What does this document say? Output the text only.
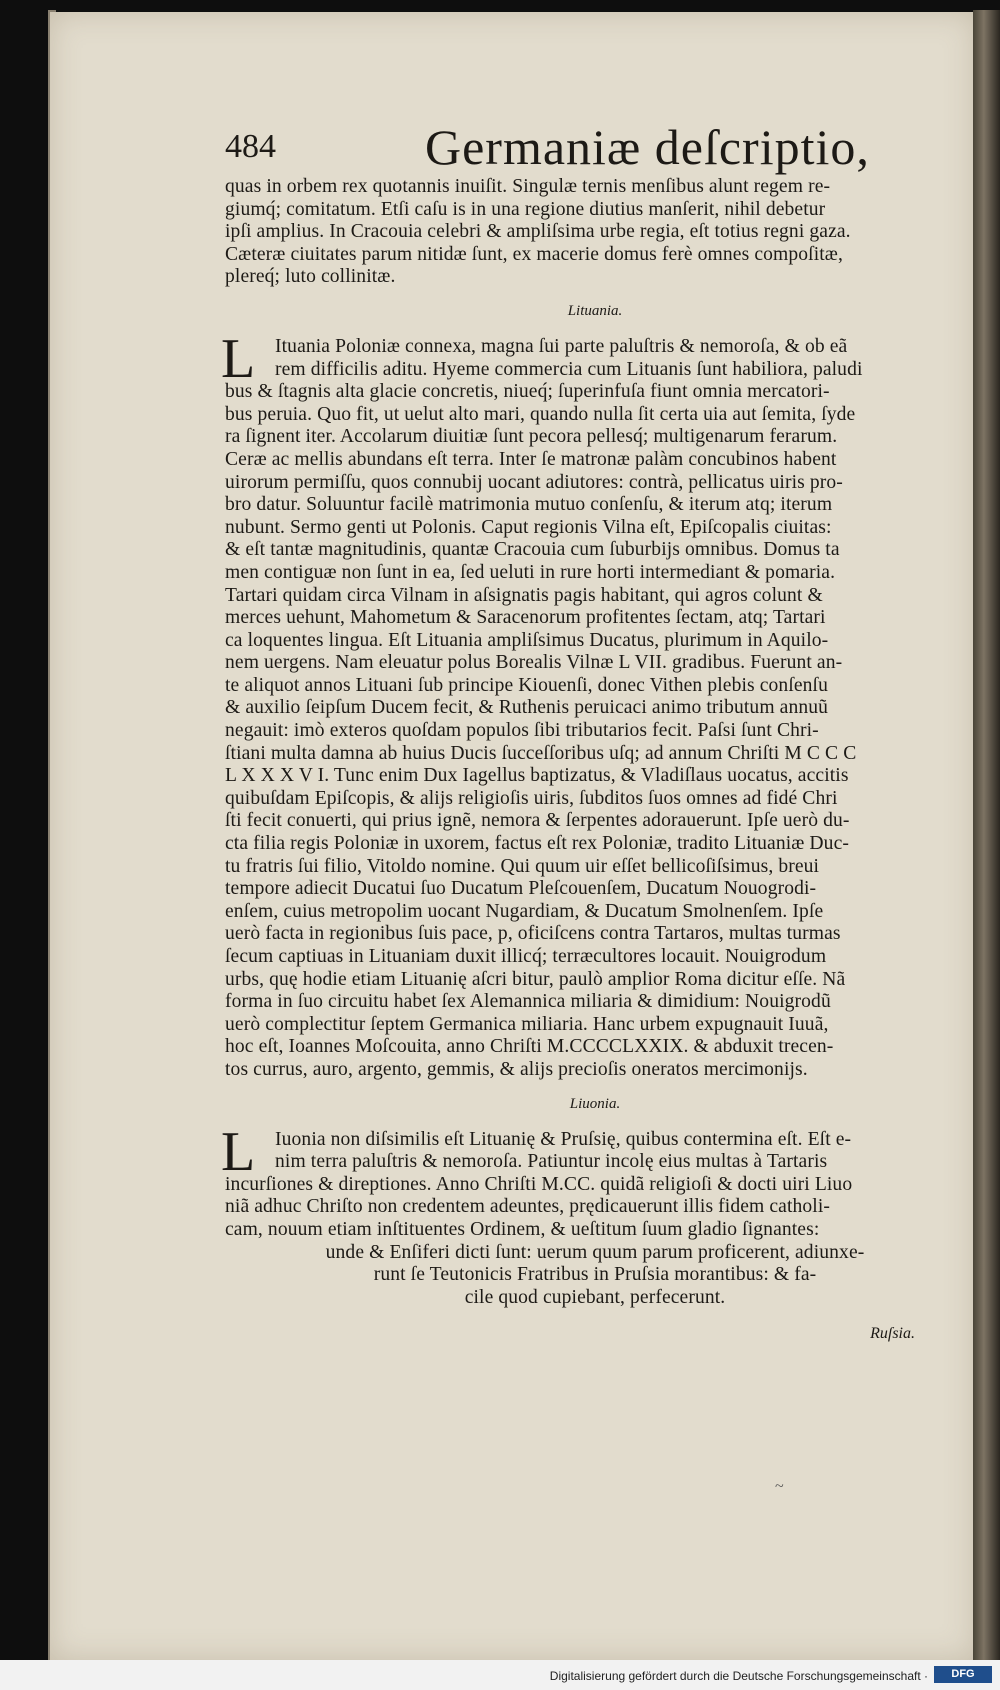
484	Germaniæ deſcriptio,
quas in orbem rex quotannis inuiſit. Singulæ ternis menſibus alunt regem re-
giumq́; comitatum. Etſi caſu is in una regione diutius manſerit, nihil debetur
ipſi amplius. In Cracouia celebri & ampliſsima urbe regia, eſt totius regni gaza.
Cæteræ ciuitates parum nitidæ ſunt, ex macerie domus ferè omnes compoſitæ,
plereq́; luto collinitæ.
Lituania.
L	Ituania Poloniæ connexa, magna ſui parte paluſtris & nemoroſa, & ob eã
rem difficilis aditu. Hyeme commercia cum Lituanis ſunt habiliora, paludi
bus & ſtagnis alta glacie concretis, niueq́; ſuperinfuſa fiunt omnia mercatori-
bus peruia. Quo fit, ut uelut alto mari, quando nulla ſit certa uia aut ſemita, ſyde
ra ſignent iter. Accolarum diuitiæ ſunt pecora pellesq́; multigenarum ferarum.
Ceræ ac mellis abundans eſt terra. Inter ſe matronæ palàm concubinos habent
uirorum permiſſu, quos connubij uocant adiutores: contrà, pellicatus uiris pro-
bro datur. Soluuntur facilè matrimonia mutuo conſenſu, & iterum atq; iterum
nubunt. Sermo genti ut Polonis. Caput regionis Vilna eſt, Epiſcopalis ciuitas:
& eſt tantæ magnitudinis, quantæ Cracouia cum ſuburbijs omnibus. Domus ta
men contiguæ non ſunt in ea, ſed ueluti in rure horti intermediant & pomaria.
Tartari quidam circa Vilnam in aſsignatis pagis habitant, qui agros colunt &
merces uehunt, Mahometum & Saracenorum profitentes ſectam, atq; Tartari
ca loquentes lingua. Eſt Lituania ampliſsimus Ducatus, plurimum in Aquilo-
nem uergens. Nam eleuatur polus Borealis Vilnæ L VII. gradibus. Fuerunt an-
te aliquot annos Lituani ſub principe Kiouenſi, donec Vithen plebis conſenſu
& auxilio ſeipſum Ducem fecit, & Ruthenis peruicaci animo tributum annuũ
negauit: imò exteros quoſdam populos ſibi tributarios fecit. Paſsi ſunt Chri-
ſtiani multa damna ab huius Ducis ſucceſſoribus uſq; ad annum Chriſti M C C C
L X X X V I. Tunc enim Dux Iagellus baptizatus, & Vladiſlaus uocatus, accitis
quibuſdam Epiſcopis, & alijs religioſis uiris, ſubditos ſuos omnes ad fidé Chri
ſti fecit conuerti, qui prius ignẽ, nemora & ſerpentes adorauerunt. Ipſe uerò du-
cta filia regis Poloniæ in uxorem, factus eſt rex Poloniæ, tradito Lituaniæ Duc-
tu fratris ſui filio, Vitoldo nomine. Qui quum uir eſſet bellicoſiſsimus, breui
tempore adiecit Ducatui ſuo Ducatum Pleſcouenſem, Ducatum Nouogrodi-
enſem, cuius metropolim uocant Nugardiam, & Ducatum Smolnenſem. Ipſe
uerò facta in regionibus ſuis pace, p, oficiſcens contra Tartaros, multas turmas
ſecum captiuas in Lituaniam duxit illicq́; terræcultores locauit. Nouigrodum
urbs, quę hodie etiam Lituanię aſcri bitur, paulò amplior Roma dicitur eſſe. Nã
forma in ſuo circuitu habet ſex Alemannica miliaria & dimidium: Nouigrodũ
uerò complectitur ſeptem Germanica miliaria. Hanc urbem expugnauit Iuuã,
hoc eſt, Ioannes Moſcouita, anno Chriſti M.CCCCLXXIX. & abduxit trecen-
tos currus, auro, argento, gemmis, & alijs precioſis oneratos mercimonijs.
Liuonia.
L	Iuonia non diſsimilis eſt Lituanię & Pruſsię, quibus contermina eſt. Eſt e-
nim terra paluſtris & nemoroſa. Patiuntur incolę eius multas à Tartaris
incurſiones & direptiones. Anno Chriſti M.CC. quidã religioſi & docti uiri Liuo
niã adhuc Chriſto non credentem adeuntes, prędicauerunt illis fidem catholi-
cam, nouum etiam inſtituentes Ordinem, & ueſtitum ſuum gladio ſignantes:
unde & Enſiferi dicti ſunt: uerum quum parum proficerent, adiunxe-
runt ſe Teutonicis Fratribus in Pruſsia morantibus: & fa-
cile quod cupiebant, perfecerunt.
Ruſsia.
~
Digitalisierung gefördert durch die Deutsche Forschungsgemeinschaft ·	DFG
